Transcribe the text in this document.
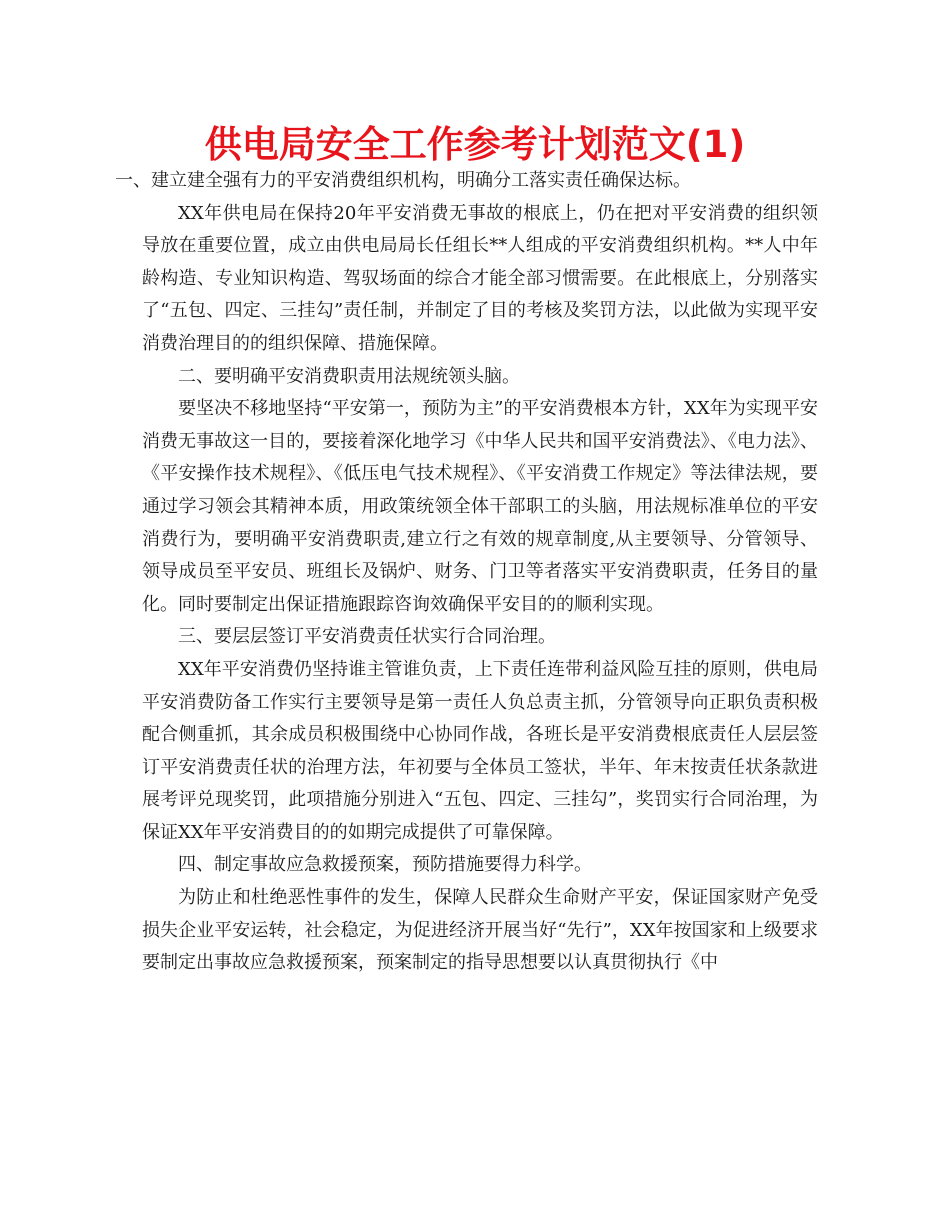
供电局安全工作参考计划范文(1)

一、建立建全强有力的平安消费组织机构，明确分工落实责任确保达标。

XX年供电局在保持20年平安消费无事故的根底上，仍在把对平安消费的组织领导放在重要位置，成立由供电局局长任组长**人组成的平安消费组织机构。**人中年龄构造、专业知识构造、驾驭场面的综合才能全部习惯需要。在此根底上，分别落实了“五包、四定、三挂勾”责任制，并制定了目的考核及奖罚方法，以此做为实现平安消费治理目的的组织保障、措施保障。

二、要明确平安消费职责用法规统领头脑。

要坚决不移地坚持“平安第一，预防为主”的平安消费根本方针，XX年为实现平安消费无事故这一目的，要接着深化地学习《中华人民共和国平安消费法》、《电力法》、《平安操作技术规程》、《低压电气技术规程》、《平安消费工作规定》等法律法规，要通过学习领会其精神本质，用政策统领全体干部职工的头脑，用法规标准单位的平安消费行为，要明确平安消费职责,建立行之有效的规章制度,从主要领导、分管领导、领导成员至平安员、班组长及锅炉、财务、门卫等者落实平安消费职责，任务目的量化。同时要制定出保证措施跟踪咨询效确保平安目的的顺利实现。

三、要层层签订平安消费责任状实行合同治理。

XX年平安消费仍坚持谁主管谁负责，上下责任连带利益风险互挂的原则，供电局平安消费防备工作实行主要领导是第一责任人负总责主抓，分管领导向正职负责积极配合侧重抓，其余成员积极围绕中心协同作战，各班长是平安消费根底责任人层层签订平安消费责任状的治理方法，年初要与全体员工签状，半年、年末按责任状条款进展考评兑现奖罚，此项措施分别进入“五包、四定、三挂勾”，奖罚实行合同治理，为保证XX年平安消费目的的如期完成提供了可靠保障。

四、制定事故应急救援预案，预防措施要得力科学。

为防止和杜绝恶性事件的发生，保障人民群众生命财产平安，保证国家财产免受损失企业平安运转，社会稳定，为促进经济开展当好“先行”，XX年按国家和上级要求要制定出事故应急救援预案，预案制定的指导思想要以认真贯彻执行《中
